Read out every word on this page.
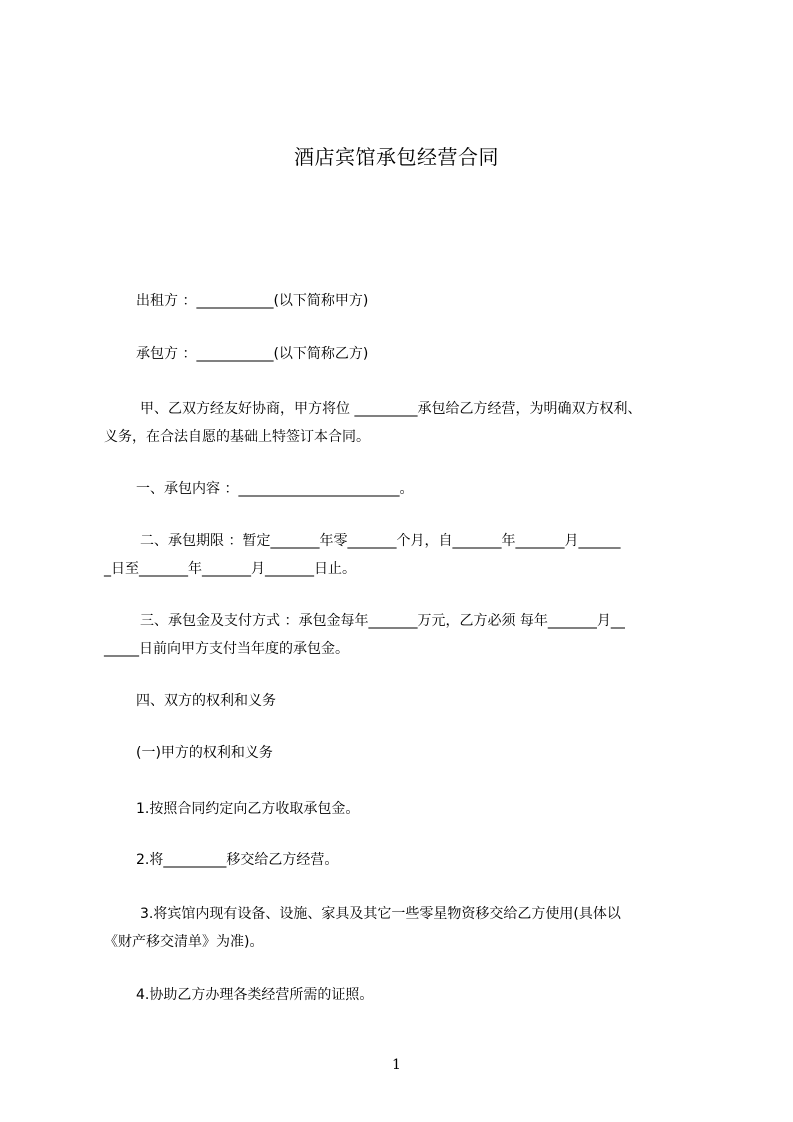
酒店宾馆承包经营合同
出租方 ：___________(以下简称甲方)
承包方 ：___________(以下简称乙方)
甲、乙双方经友好协商，甲方将位 _________承包给乙方经营，为明确双方权利、
义务，在合法自愿的基础上特签订本合同。
一、承包内容 ：_______________________。
二、承包期限 ：暂定_______年零_______个月，自_______年_______月______
_日至_______年_______月_______日止。
三、承包金及支付方式 ：承包金每年_______万元，乙方必须 每年_______月__
_____日前向甲方支付当年度的承包金。
四、双方的权利和义务
(一)甲方的权利和义务
1.按照合同约定向乙方收取承包金。
2.将_________移交给乙方经营。
3.将宾馆内现有设备、设施、家具及其它一些零星物资移交给乙方使用(具体以
《财产移交清单》为准)。
4.协助乙方办理各类经营所需的证照。
1
